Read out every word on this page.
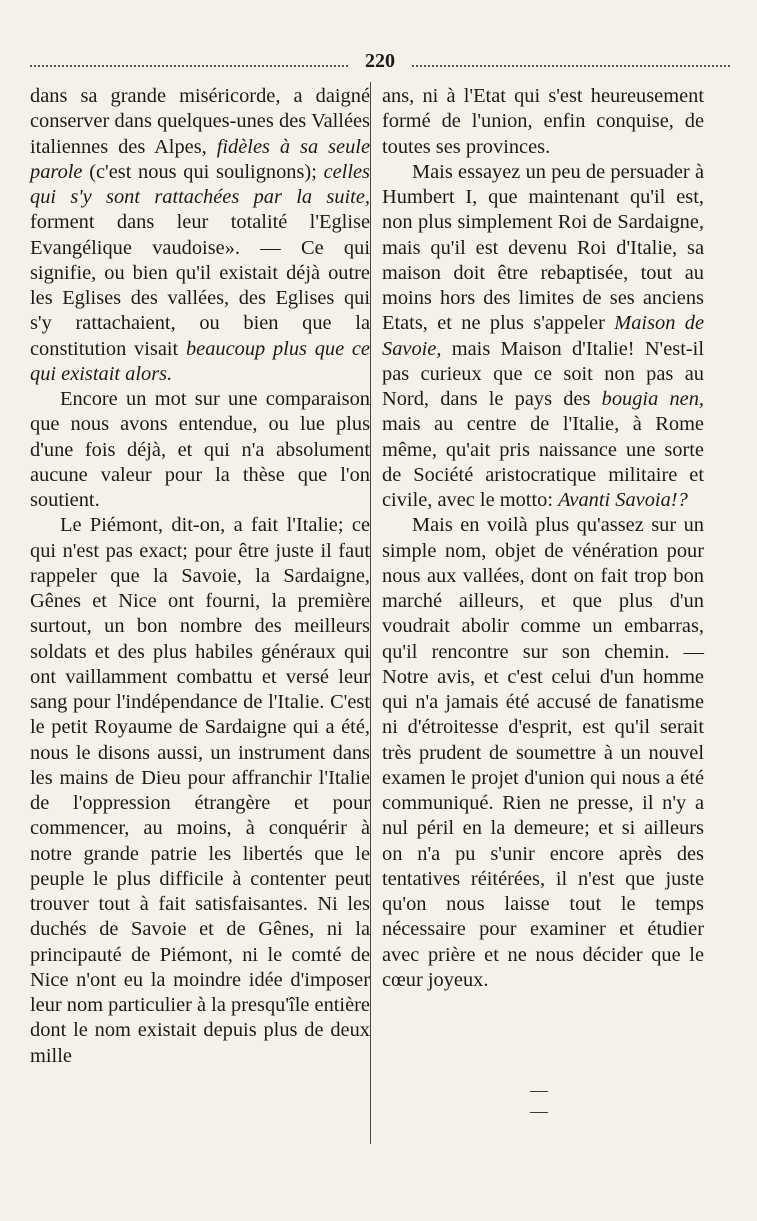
220

dans sa grande miséricorde, a daigné conserver dans quelques-unes des Vallées italiennes des Alpes, fidèles à sa seule parole (c'est nous qui soulignons); celles qui s'y sont rattachées par la suite, forment dans leur totalité l'Eglise Evangélique vaudoise». — Ce qui signifie, ou bien qu'il existait déjà outre les Eglises des vallées, des Eglises qui s'y rattachaient, ou bien que la constitution visait beaucoup plus que ce qui existait alors.

Encore un mot sur une comparaison que nous avons entendue, ou lue plus d'une fois déjà, et qui n'a absolument aucune valeur pour la thèse que l'on soutient.

Le Piémont, dit-on, a fait l'Italie; ce qui n'est pas exact; pour être juste il faut rappeler que la Savoie, la Sardaigne, Gênes et Nice ont fourni, la première surtout, un bon nombre des meilleurs soldats et des plus habiles généraux qui ont vaillamment combattu et versé leur sang pour l'indépendance de l'Italie. C'est le petit Royaume de Sardaigne qui a été, nous le disons aussi, un instrument dans les mains de Dieu pour affranchir l'Italie de l'oppression étrangère et pour commencer, au moins, à conquérir à notre grande patrie les libertés que le peuple le plus difficile à contenter peut trouver tout à fait satisfaisantes. Ni les duchés de Savoie et de Gênes, ni la principauté de Piémont, ni le comté de Nice n'ont eu la moindre idée d'imposer leur nom particulier à la presqu'île entière dont le nom existait depuis plus de deux mille

ans, ni à l'Etat qui s'est heureusement formé de l'union, enfin conquise, de toutes ses provinces.

Mais essayez un peu de persuader à Humbert I, que maintenant qu'il est, non plus simplement Roi de Sardaigne, mais qu'il est devenu Roi d'Italie, sa maison doit être rebaptisée, tout au moins hors des limites de ses anciens Etats, et ne plus s'appeler Maison de Savoie, mais Maison d'Italie! N'est-il pas curieux que ce soit non pas au Nord, dans le pays des bougia nen, mais au centre de l'Italie, à Rome même, qu'ait pris naissance une sorte de Société aristocratique militaire et civile, avec le motto: Avanti Savoia!?

Mais en voilà plus qu'assez sur un simple nom, objet de vénération pour nous aux vallées, dont on fait trop bon marché ailleurs, et que plus d'un voudrait abolir comme un embarras, qu'il rencontre sur son chemin. — Notre avis, et c'est celui d'un homme qui n'a jamais été accusé de fanatisme ni d'étroitesse d'esprit, est qu'il serait très prudent de soumettre à un nouvel examen le projet d'union qui nous a été communiqué. Rien ne presse, il n'y a nul péril en la demeure; et si ailleurs on n'a pu s'unir encore après des tentatives réitérées, il n'est que juste qu'on nous laisse tout le temps nécessaire pour examiner et étudier avec prière et ne nous décider que le cœur joyeux.

— —
